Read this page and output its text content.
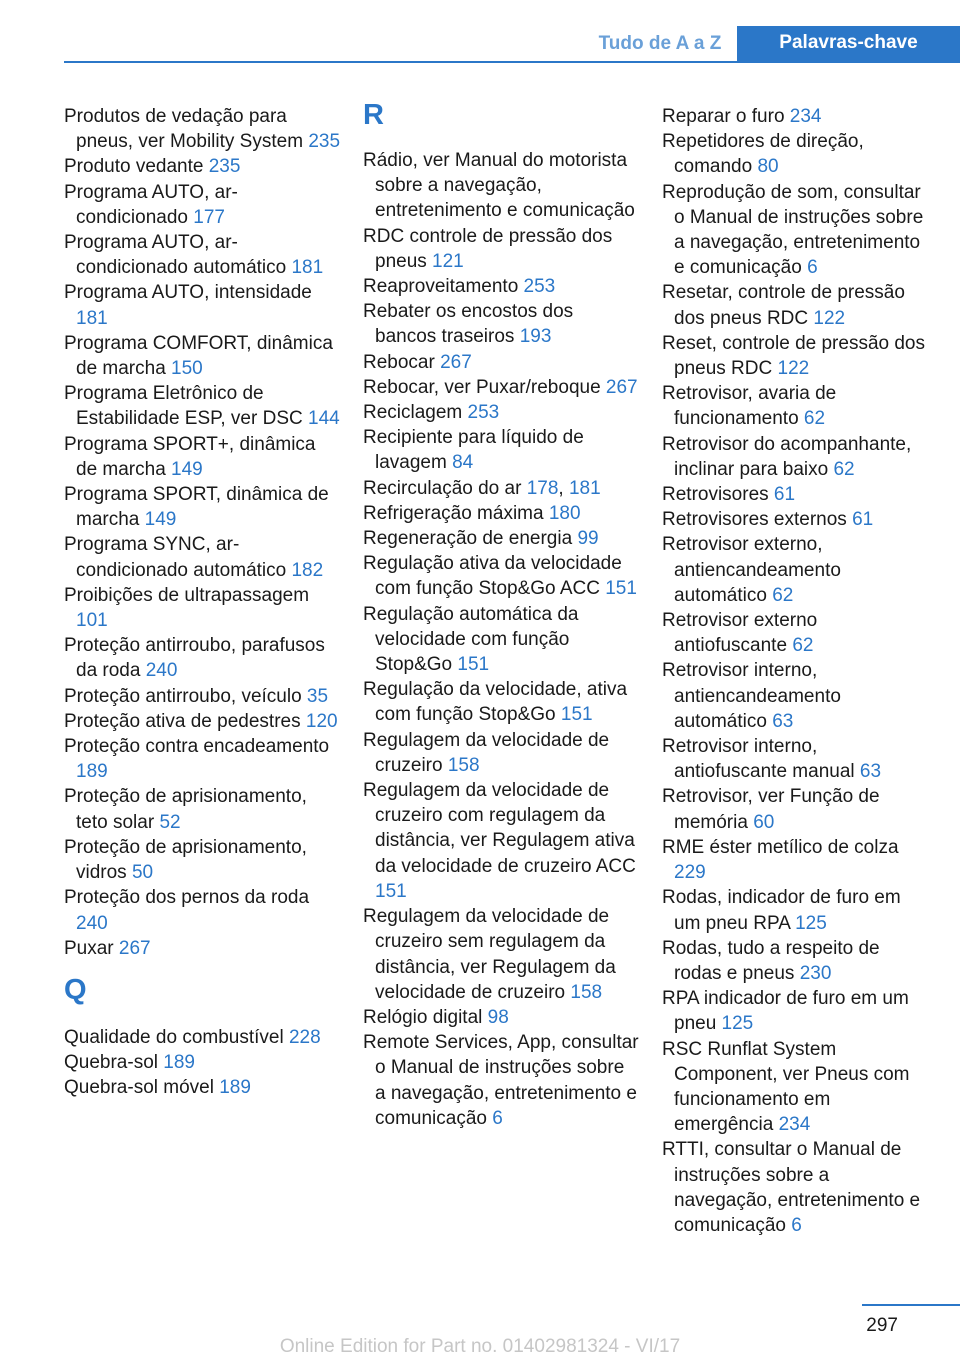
Tudo de A a Z	Palavras-chave
Produtos de vedação para pneus, ver Mobility System 235
Produto vedante 235
Programa AUTO, ar-condicionado 177
Programa AUTO, ar-condicionado automático 181
Programa AUTO, intensidade 181
Programa COMFORT, dinâmica de marcha 150
Programa Eletrônico de Estabilidade ESP, ver DSC 144
Programa SPORT+, dinâmica de marcha 149
Programa SPORT, dinâmica de marcha 149
Programa SYNC, ar-condicionado automático 182
Proibições de ultrapassagem 101
Proteção antirroubo, parafusos da roda 240
Proteção antirroubo, veículo 35
Proteção ativa de pedestres 120
Proteção contra encadeamento 189
Proteção de aprisionamento, teto solar 52
Proteção de aprisionamento, vidros 50
Proteção dos pernos da roda 240
Puxar 267
Q
Qualidade do combustível 228
Quebra-sol 189
Quebra-sol móvel 189
R
Rádio, ver Manual do motorista sobre a navegação, entretenimento e comunicação
RDC controle de pressão dos pneus 121
Reaproveitamento 253
Rebater os encostos dos bancos traseiros 193
Rebocar 267
Rebocar, ver Puxar/reboque 267
Reciclagem 253
Recipiente para líquido de lavagem 84
Recirculação do ar 178, 181
Refrigeração máxima 180
Regeneração de energia 99
Regulação ativa da velocidade com função Stop&Go ACC 151
Regulação automática da velocidade com função Stop&Go 151
Regulação da velocidade, ativa com função Stop&Go 151
Regulagem da velocidade de cruzeiro 158
Regulagem da velocidade de cruzeiro com regulagem da distância, ver Regulagem ativa da velocidade de cruzeiro ACC 151
Regulagem da velocidade de cruzeiro sem regulagem da distância, ver Regulagem da velocidade de cruzeiro 158
Relógio digital 98
Remote Services, App, consultar o Manual de instruções sobre a navegação, entretenimento e comunicação 6
Reparar o furo 234
Repetidores de direção, comando 80
Reprodução de som, consultar o Manual de instruções sobre a navegação, entretenimento e comunicação 6
Resetar, controle de pressão dos pneus RDC 122
Reset, controle de pressão dos pneus RDC 122
Retrovisor, avaria de funcionamento 62
Retrovisor do acompanhante, inclinar para baixo 62
Retrovisores 61
Retrovisores externos 61
Retrovisor externo, antiencandeamento automático 62
Retrovisor externo antiofuscante 62
Retrovisor interno, antiencandeamento automático 63
Retrovisor interno, antiofuscante manual 63
Retrovisor, ver Função de memória 60
RME éster metílico de colza 229
Rodas, indicador de furo em um pneu RPA 125
Rodas, tudo a respeito de rodas e pneus 230
RPA indicador de furo em um pneu 125
RSC Runflat System Component, ver Pneus com funcionamento em emergência 234
RTTI, consultar o Manual de instruções sobre a navegação, entretenimento e comunicação 6
297
Online Edition for Part no. 01402981324 - VI/17
